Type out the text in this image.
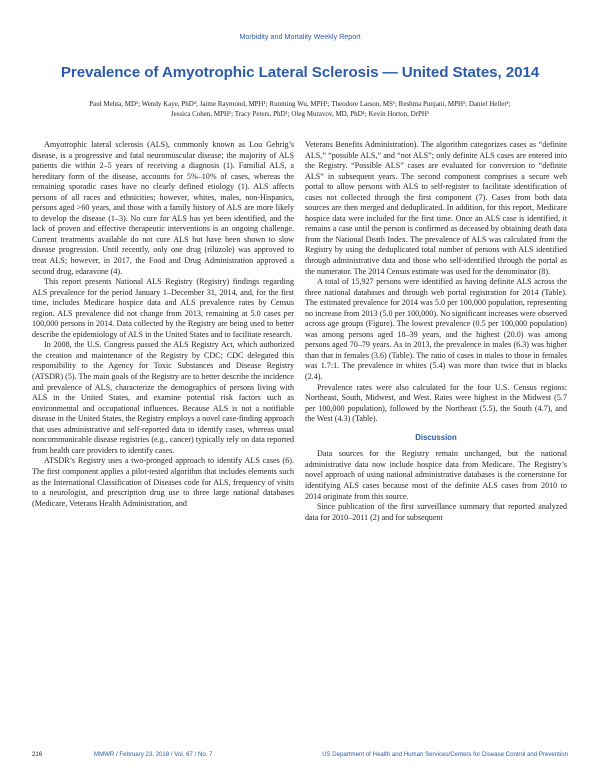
Morbidity and Mortality Weekly Report
Prevalence of Amyotrophic Lateral Sclerosis — United States, 2014
Paul Mehta, MD¹; Wendy Kaye, PhD²; Jaime Raymond, MPH¹; Ruoming Wu, MPH¹; Theodore Larson, MS¹; Reshma Punjani, MPH¹; Daniel Heller¹;
Jessica Cohen, MPH¹; Tracy Peters, PhD¹; Oleg Muravov, MD, PhD¹; Kevin Horton, DrPH¹

Amyotrophic lateral sclerosis (ALS), commonly known as Lou Gehrig’s disease, is a progressive and fatal neuromuscular disease; the majority of ALS patients die within 2–5 years of receiving a diagnosis (1). Familial ALS, a hereditary form of the disease, accounts for 5%–10% of cases, whereas the remaining sporadic cases have no clearly defined etiology (1). ALS affects persons of all races and ethnicities; however, whites, males, non-Hispanics, persons aged >60 years, and those with a family history of ALS are more likely to develop the disease (1–3). No cure for ALS has yet been identified, and the lack of proven and effective therapeutic interventions is an ongoing challenge. Current treatments available do not cure ALS but have been shown to slow disease progression. Until recently, only one drug (riluzole) was approved to treat ALS; however, in 2017, the Food and Drug Administration approved a second drug, edaravone (4).

This report presents National ALS Registry (Registry) findings regarding ALS prevalence for the period January 1–December 31, 2014, and, for the first time, includes Medicare hospice data and ALS prevalence rates by Census region. ALS prevalence did not change from 2013, remaining at 5.0 cases per 100,000 persons in 2014. Data collected by the Registry are being used to better describe the epidemiology of ALS in the United States and to facilitate research.

In 2008, the U.S. Congress passed the ALS Registry Act, which authorized the creation and maintenance of the Registry by CDC; CDC delegated this responsibility to the Agency for Toxic Substances and Disease Registry (ATSDR) (5). The main goals of the Registry are to better describe the incidence and prevalence of ALS, characterize the demographics of persons living with ALS in the United States, and examine potential risk factors such as environmental and occupational influences. Because ALS is not a notifiable disease in the United States, the Registry employs a novel case-finding approach that uses administrative and self-reported data to identify cases, whereas usual noncommunicable disease registries (e.g., cancer) typically rely on data reported from health care providers to identify cases.

ATSDR’s Registry uses a two-pronged approach to identify ALS cases (6). The first component applies a pilot-tested algorithm that includes elements such as the International Classification of Diseases code for ALS, frequency of visits to a neurologist, and prescription drug use to three large national databases (Medicare, Veterans Health Administration, and

Veterans Benefits Administration). The algorithm categorizes cases as “definite ALS,” “possible ALS,” and “not ALS”; only definite ALS cases are entered into the Registry. “Possible ALS” cases are evaluated for conversion to “definite ALS” in subsequent years. The second component comprises a secure web portal to allow persons with ALS to self-register to facilitate identification of cases not collected through the first component (7). Cases from both data sources are then merged and deduplicated. In addition, for this report, Medicare hospice data were included for the first time. Once an ALS case is identified, it remains a case until the person is confirmed as deceased by obtaining death data from the National Death Index. The prevalence of ALS was calculated from the Registry by using the deduplicated total number of persons with ALS identified through administrative data and those who self-identified through the portal as the numerator. The 2014 Census estimate was used for the denominator (8).

A total of 15,927 persons were identified as having definite ALS across the three national databases and through web portal registration for 2014 (Table). The estimated prevalence for 2014 was 5.0 per 100,000 population, representing no increase from 2013 (5.0 per 100,000). No significant increases were observed across age groups (Figure). The lowest prevalence (0.5 per 100,000 population) was among persons aged 18–39 years, and the highest (20.0) was among persons aged 70–79 years. As in 2013, the prevalence in males (6.3) was higher than that in females (3.6) (Table). The ratio of cases in males to those in females was 1.7:1. The prevalence in whites (5.4) was more than twice that in blacks (2.4).

Prevalence rates were also calculated for the four U.S. Census regions: Northeast, South, Midwest, and West. Rates were highest in the Midwest (5.7 per 100,000 population), followed by the Northeast (5.5), the South (4.7), and the West (4.3) (Table).

Discussion

Data sources for the Registry remain unchanged, but the national administrative data now include hospice data from Medicare. The Registry’s novel approach of using national administrative databases is the cornerstone for identifying ALS cases because most of the definite ALS cases from 2010 to 2014 originate from this source.

Since publication of the first surveillance summary that reported analyzed data for 2010–2011 (2) and for subsequent

216	MMWR / February 23, 2018 / Vol. 67 / No. 7	US Department of Health and Human Services/Centers for Disease Control and Prevention
